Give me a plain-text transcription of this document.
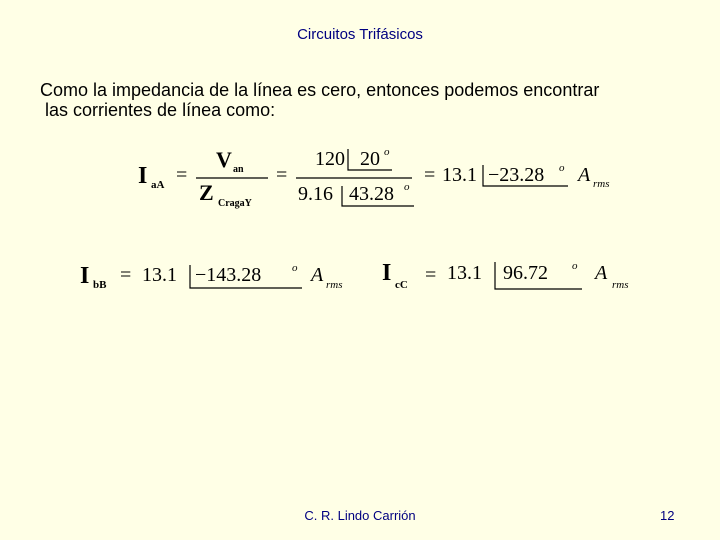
Circuitos Trifásicos
Como la impedancia de la línea es cero, entonces podemos encontrar
las corrientes de línea como:
I aA =
V an
Z CragaY
=
120 20 o
9.16 43.28 o
= 13.1 −23.28 o A rms
I bB = 13.1 −143.28	o A rms I cC = 13.1 96.72 o A
rms
C. R. Lindo Carrión	12
